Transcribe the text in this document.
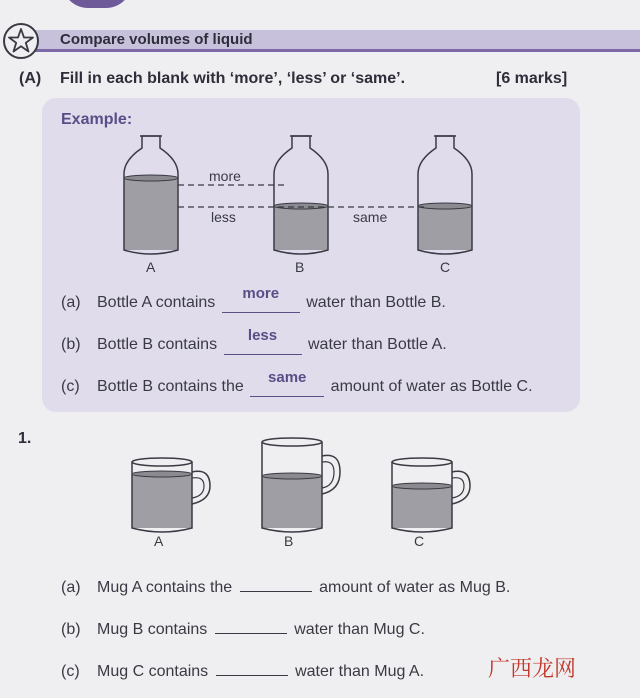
Compare volumes of liquid
(A) Fill in each blank with ‘more’, ‘less’ or ‘same’.	[6 marks]
Example:
more
less	same
A	B	C
(a) Bottle A contains
more
water than Bottle B.
(b) Bottle B contains
less
water than Bottle A.
(c) Bottle B contains the
same
amount of water as Bottle C.
1.
A	B	C
(a) Mug A contains the	amount of water as Mug B.
(b) Mug B contains	water than Mug C.
(c) Mug C contains	water than Mug A.	广西龙网
